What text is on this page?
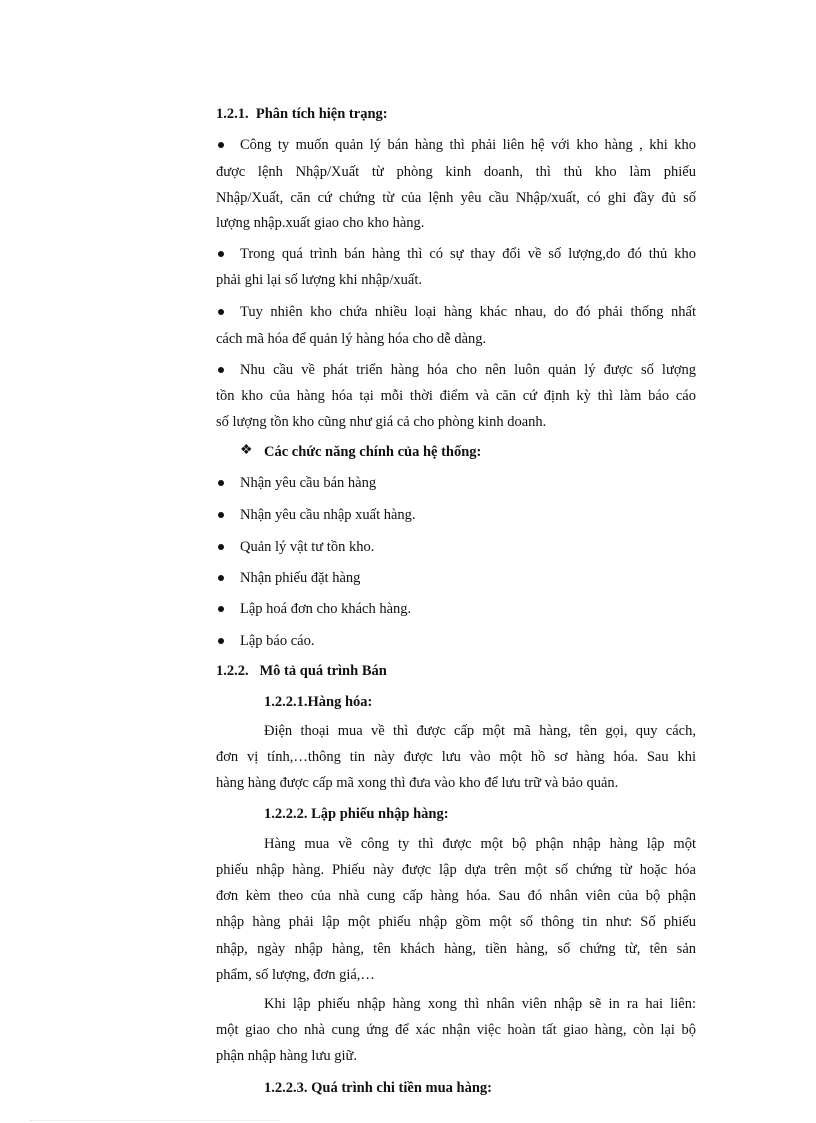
1.2.1. Phân tích hiện trạng:
Công ty muốn quản lý bán hàng thì phải liên hệ với kho hàng , khi kho
được lệnh Nhập/Xuất từ phòng kinh doanh, thì thủ kho làm phiếu
Nhập/Xuất, căn cứ chứng từ của lệnh yêu cầu Nhập/xuất, có ghi đầy đủ số
lượng nhập.xuất giao cho kho hàng.
Trong quá trình bán hàng thì có sự thay đổi về số lượng,do đó thủ kho
phải ghi lại số lượng khi nhập/xuất.
Tuy nhiên kho chứa nhiều loại hàng khác nhau, do đó phải thống nhất
cách mã hóa để quản lý hàng hóa cho dễ dàng.
Nhu cầu về phát triển hàng hóa cho nên luôn quản lý được số lượng
tồn kho của hàng hóa tại mỗi thời điểm và căn cứ định kỳ thì làm báo cáo
số lượng tồn kho cũng như giá cả cho phòng kinh doanh.
❖ Các chức năng chính của hệ thống:
Nhận yêu cầu bán hàng
Nhận yêu cầu nhập xuất hàng.
Quản lý vật tư tồn kho.
Nhận phiếu đặt hàng
Lập hoá đơn cho khách hàng.
Lập báo cáo.
1.2.2. Mô tả quá trình Bán
1.2.2.1.Hàng hóa:
Điện thoại mua về thì được cấp một mã hàng, tên gọi, quy cách,
đơn vị tính,…thông tin này được lưu vào một hồ sơ hàng hóa. Sau khi
hàng hàng được cấp mã xong thì đưa vào kho để lưu trữ và bảo quản.
1.2.2.2. Lập phiếu nhập hàng:
Hàng mua về công ty thì được một bộ phận nhập hàng lập một
phiếu nhập hàng. Phiếu này được lập dựa trên một số chứng từ hoặc hóa
đơn kèm theo của nhà cung cấp hàng hóa. Sau đó nhân viên của bộ phận
nhập hàng phải lập một phiếu nhập gồm một số thông tin như: Số phiếu
nhập, ngày nhập hàng, tên khách hàng, tiền hàng, số chứng từ, tên sản
phẩm, số lượng, đơn giá,…
Khi lập phiếu nhập hàng xong thì nhân viên nhập sẽ in ra hai liên:
một giao cho nhà cung ứng để xác nhận việc hoàn tất giao hàng, còn lại bộ
phận nhập hàng lưu giữ.
1.2.2.3. Quá trình chi tiền mua hàng:
